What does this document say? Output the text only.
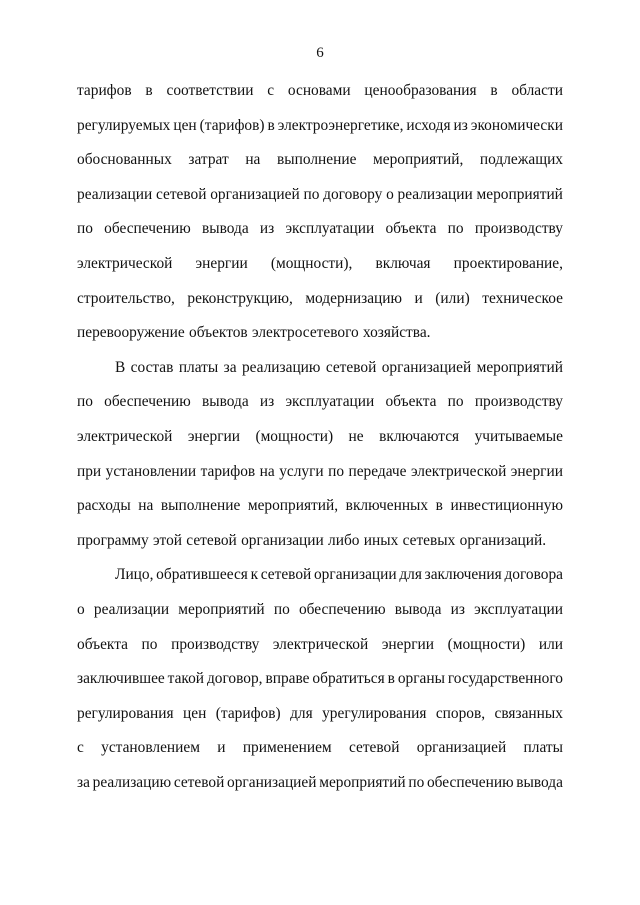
6
тарифов в соответствии с основами ценообразования в области
регулируемых цен (тарифов) в электроэнергетике, исходя из экономически
обоснованных затрат на выполнение мероприятий, подлежащих
реализации сетевой организацией по договору о реализации мероприятий
по обеспечению вывода из эксплуатации объекта по производству
электрической энергии (мощности), включая проектирование,
строительство, реконструкцию, модернизацию и (или) техническое
перевооружение объектов электросетевого хозяйства.
В состав платы за реализацию сетевой организацией мероприятий
по обеспечению вывода из эксплуатации объекта по производству
электрической энергии (мощности) не включаются учитываемые
при установлении тарифов на услуги по передаче электрической энергии
расходы на выполнение мероприятий, включенных в инвестиционную
программу этой сетевой организации либо иных сетевых организаций.
Лицо, обратившееся к сетевой организации для заключения договора
о реализации мероприятий по обеспечению вывода из эксплуатации
объекта по производству электрической энергии (мощности) или
заключившее такой договор, вправе обратиться в органы государственного
регулирования цен (тарифов) для урегулирования споров, связанных
с установлением и применением сетевой организацией платы
за реализацию сетевой организацией мероприятий по обеспечению вывода
